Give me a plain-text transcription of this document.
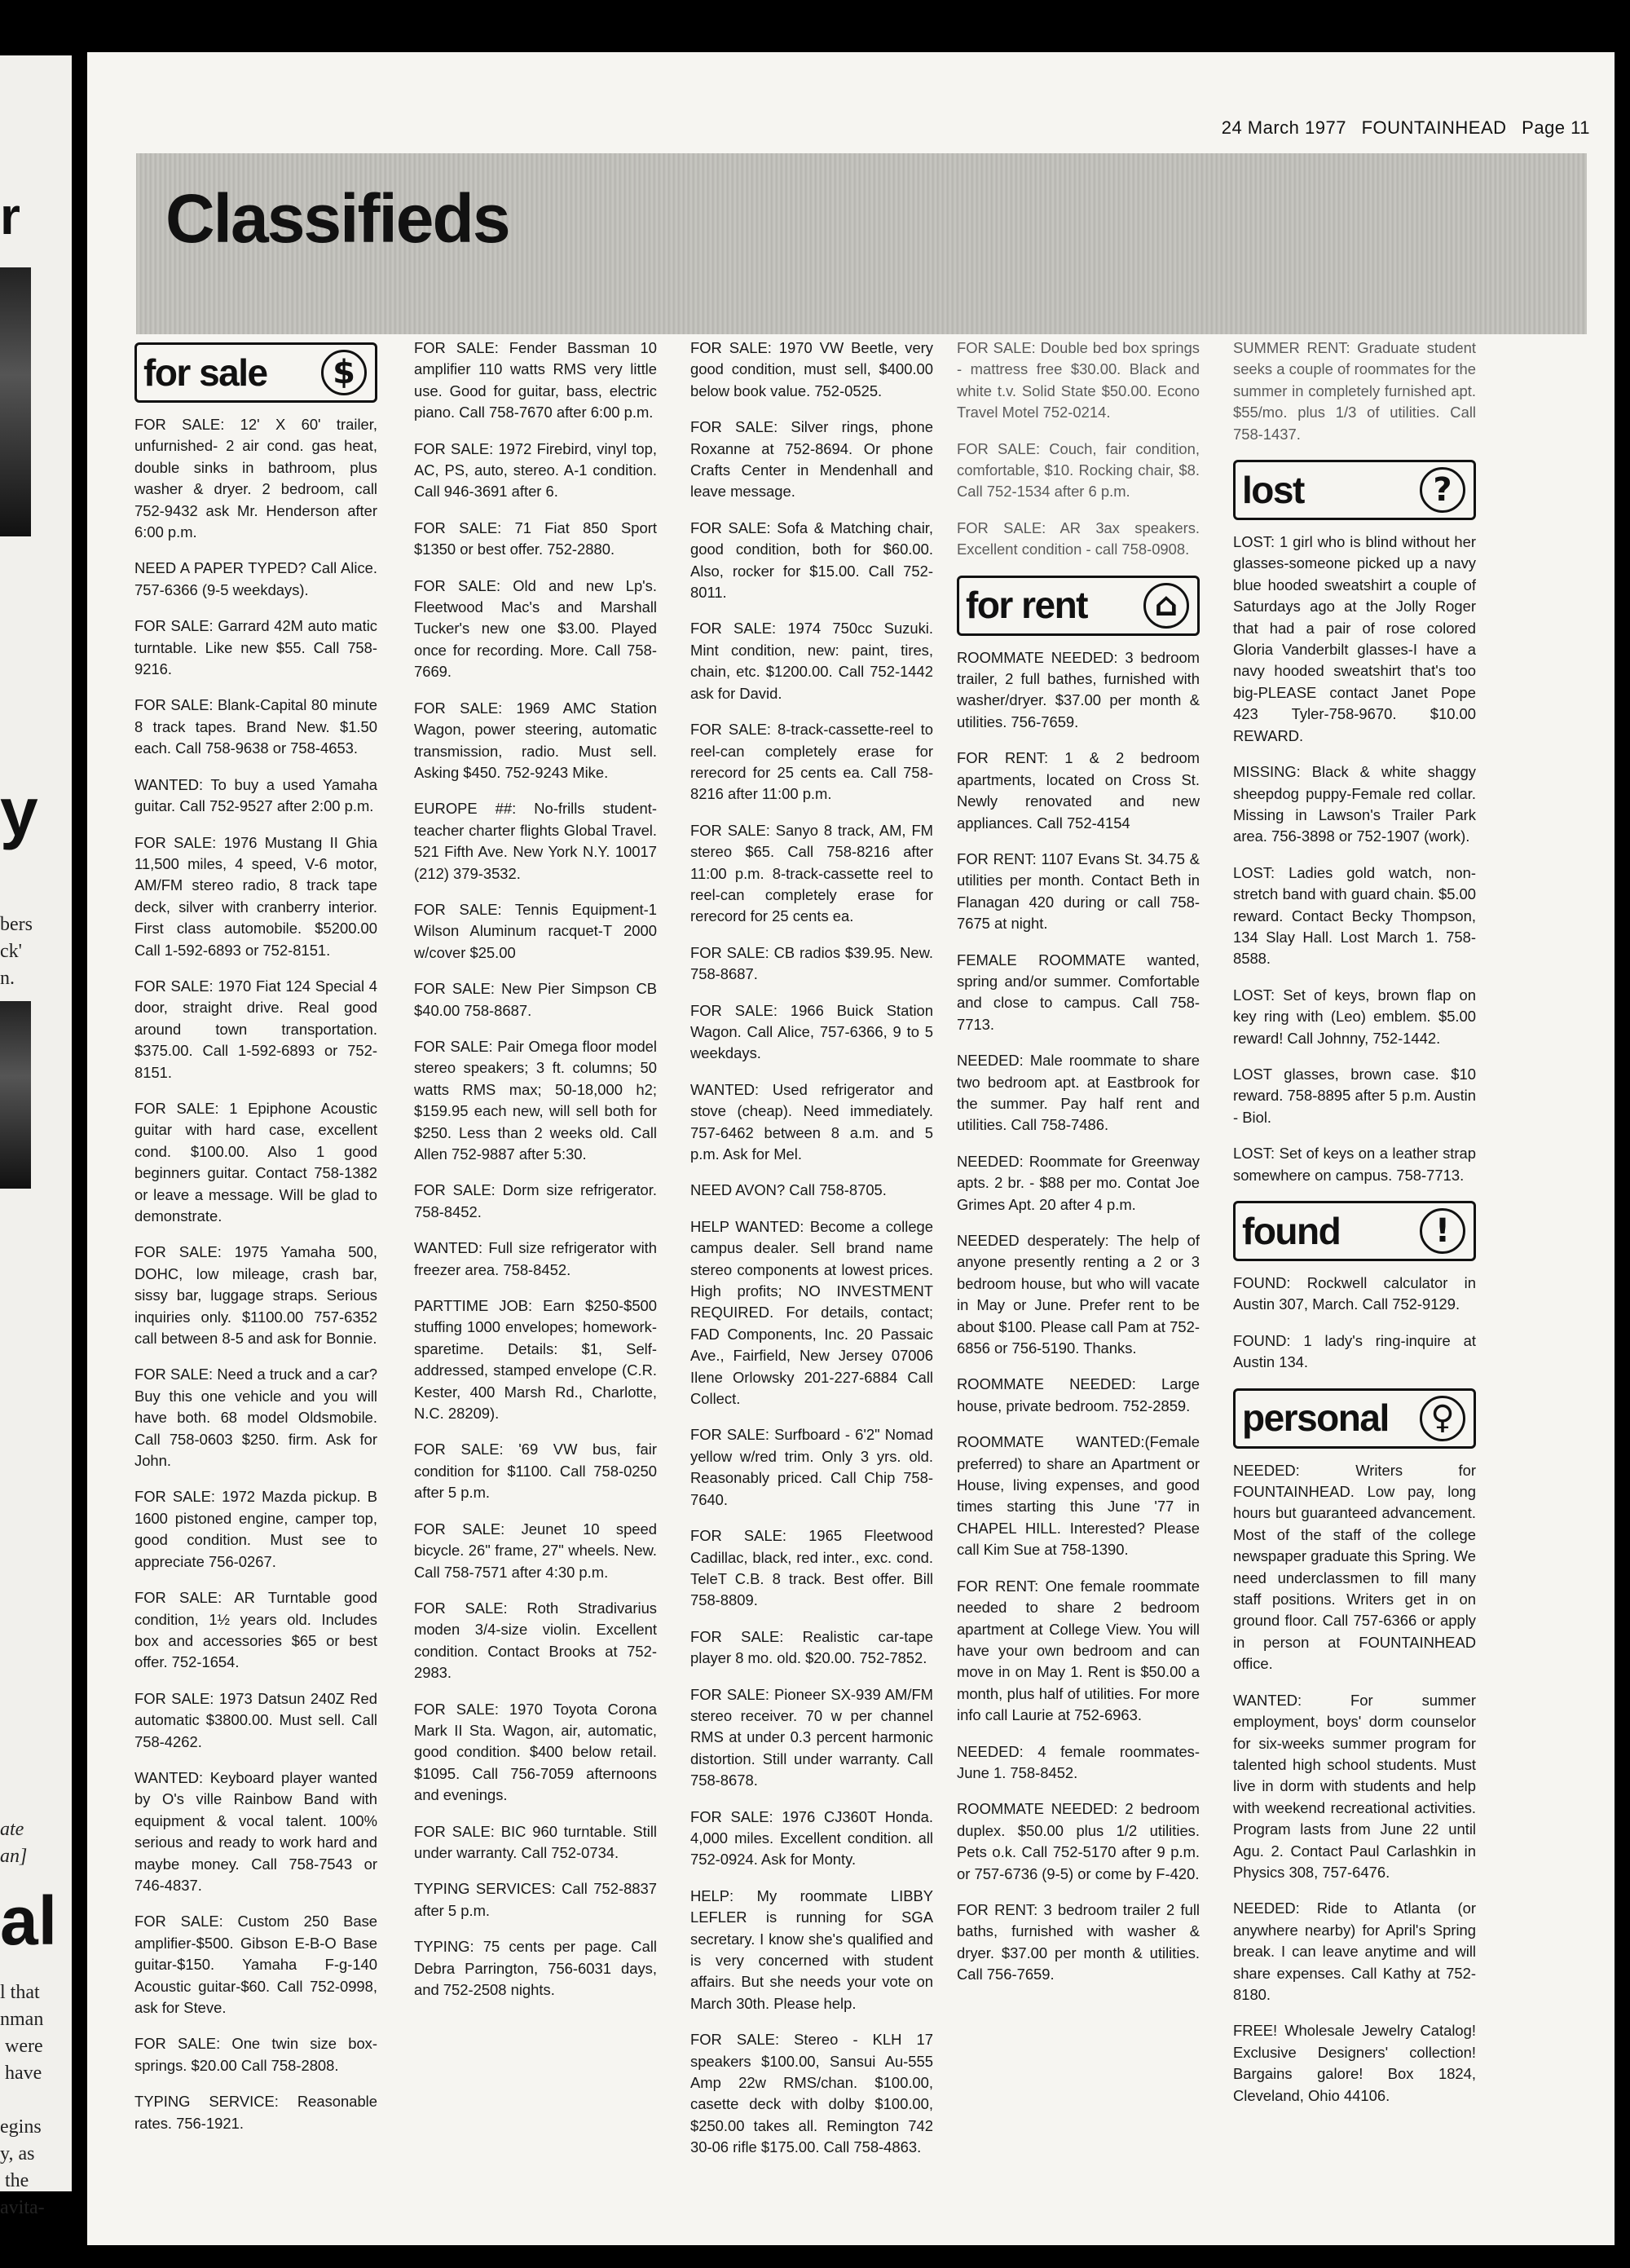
r
y
bers
ck'
n.
ate
an]
al
l that
nman
were
have

egins
y, as
the
avita-
24 March 1977 FOUNTAINHEAD Page 11
Classifieds
for sale	$

FOR SALE: 12' X 60' trailer, unfurnished- 2 air cond. gas heat, double sinks in bathroom, plus washer & dryer. 2 bedroom, call 752-9432 ask Mr. Henderson after 6:00 p.m.

NEED A PAPER TYPED? Call Alice. 757-6366 (9-5 weekdays).

FOR SALE: Garrard 42M auto matic turntable. Like new $55. Call 758-9216.

FOR SALE: Blank-Capital 80 minute 8 track tapes. Brand New. $1.50 each. Call 758-9638 or 758-4653.

WANTED: To buy a used Yamaha guitar. Call 752-9527 after 2:00 p.m.

FOR SALE: 1976 Mustang II Ghia 11,500 miles, 4 speed, V-6 motor, AM/FM stereo radio, 8 track tape deck, silver with cranberry interior. First class automobile. $5200.00 Call 1-592-6893 or 752-8151.

FOR SALE: 1970 Fiat 124 Special 4 door, straight drive. Real good around town transportation. $375.00. Call 1-592-6893 or 752-8151.

FOR SALE: 1 Epiphone Acoustic guitar with hard case, excellent cond. $100.00. Also 1 good beginners guitar. Contact 758-1382 or leave a message. Will be glad to demonstrate.

FOR SALE: 1975 Yamaha 500, DOHC, low mileage, crash bar, sissy bar, luggage straps. Serious inquiries only. $1100.00 757-6352 call between 8-5 and ask for Bonnie.

FOR SALE: Need a truck and a car? Buy this one vehicle and you will have both. 68 model Oldsmobile. Call 758-0603 $250. firm. Ask for John.

FOR SALE: 1972 Mazda pickup. B 1600 pistoned engine, camper top, good condition. Must see to appreciate 756-0267.

FOR SALE: AR Turntable good condition, 1½ years old. Includes box and accessories $65 or best offer. 752-1654.

FOR SALE: 1973 Datsun 240Z Red automatic $3800.00. Must sell. Call 758-4262.

WANTED: Keyboard player wanted by O's ville Rainbow Band with equipment & vocal talent. 100% serious and ready to work hard and maybe money. Call 758-7543 or 746-4837.

FOR SALE: Custom 250 Base amplifier-$500. Gibson E-B-O Base guitar-$150. Yamaha F-g-140 Acoustic guitar-$60. Call 752-0998, ask for Steve.

FOR SALE: One twin size box-springs. $20.00 Call 758-2808.

TYPING SERVICE: Reasonable rates. 756-1921.

FOR SALE: Fender Bassman 10 amplifier 110 watts RMS very little use. Good for guitar, bass, electric piano. Call 758-7670 after 6:00 p.m.

FOR SALE: 1972 Firebird, vinyl top, AC, PS, auto, stereo. A-1 condition. Call 946-3691 after 6.

FOR SALE: 71 Fiat 850 Sport $1350 or best offer. 752-2880.

FOR SALE: Old and new Lp's. Fleetwood Mac's and Marshall Tucker's new one $3.00. Played once for recording. More. Call 758-7669.

FOR SALE: 1969 AMC Station Wagon, power steering, automatic transmission, radio. Must sell. Asking $450. 752-9243 Mike.

EUROPE ##: No-frills student-teacher charter flights Global Travel. 521 Fifth Ave. New York N.Y. 10017 (212) 379-3532.

FOR SALE: Tennis Equipment-1 Wilson Aluminum racquet-T 2000 w/cover $25.00

FOR SALE: New Pier Simpson CB $40.00 758-8687.

FOR SALE: Pair Omega floor model stereo speakers; 3 ft. columns; 50 watts RMS max; 50-18,000 h2; $159.95 each new, will sell both for $250. Less than 2 weeks old. Call Allen 752-9887 after 5:30.

FOR SALE: Dorm size refrigerator. 758-8452.

WANTED: Full size refrigerator with freezer area. 758-8452.

PARTTIME JOB: Earn $250-$500 stuffing 1000 envelopes; homework-sparetime. Details: $1, Self-addressed, stamped envelope (C.R. Kester, 400 Marsh Rd., Charlotte, N.C. 28209).

FOR SALE: '69 VW bus, fair condition for $1100. Call 758-0250 after 5 p.m.

FOR SALE: Jeunet 10 speed bicycle. 26" frame, 27" wheels. New. Call 758-7571 after 4:30 p.m.

FOR SALE: Roth Stradivarius moden 3/4-size violin. Excellent condition. Contact Brooks at 752-2983.

FOR SALE: 1970 Toyota Corona Mark II Sta. Wagon, air, automatic, good condition. $400 below retail. $1095. Call 756-7059 afternoons and evenings.

FOR SALE: BIC 960 turntable. Still under warranty. Call 752-0734.

TYPING SERVICES: Call 752-8837 after 5 p.m.

TYPING: 75 cents per page. Call Debra Parrington, 756-6031 days, and 752-2508 nights.

FOR SALE: 1970 VW Beetle, very good condition, must sell, $400.00 below book value. 752-0525.

FOR SALE: Silver rings, phone Roxanne at 752-8694. Or phone Crafts Center in Mendenhall and leave message.

FOR SALE: Sofa & Matching chair, good condition, both for $60.00. Also, rocker for $15.00. Call 752-8011.

FOR SALE: 1974 750cc Suzuki. Mint condition, new: paint, tires, chain, etc. $1200.00. Call 752-1442 ask for David.

FOR SALE: 8-track-cassette-reel to reel-can completely erase for rerecord for 25 cents ea. Call 758-8216 after 11:00 p.m.

FOR SALE: Sanyo 8 track, AM, FM stereo $65. Call 758-8216 after 11:00 p.m. 8-track-cassette reel to reel-can completely erase for rerecord for 25 cents ea.

FOR SALE: CB radios $39.95. New. 758-8687.

FOR SALE: 1966 Buick Station Wagon. Call Alice, 757-6366, 9 to 5 weekdays.

WANTED: Used refrigerator and stove (cheap). Need immediately. 757-6462 between 8 a.m. and 5 p.m. Ask for Mel.

NEED AVON? Call 758-8705.

HELP WANTED: Become a college campus dealer. Sell brand name stereo components at lowest prices. High profits; NO INVESTMENT REQUIRED. For details, contact; FAD Components, Inc. 20 Passaic Ave., Fairfield, New Jersey 07006 Ilene Orlowsky 201-227-6884 Call Collect.

FOR SALE: Surfboard - 6'2" Nomad yellow w/red trim. Only 3 yrs. old. Reasonably priced. Call Chip 758-7640.

FOR SALE: 1965 Fleetwood Cadillac, black, red inter., exc. cond. TeleT C.B. 8 track. Best offer. Bill 758-8809.

FOR SALE: Realistic car-tape player 8 mo. old. $20.00. 752-7852.

FOR SALE: Pioneer SX-939 AM/FM stereo receiver. 70 w per channel RMS at under 0.3 percent harmonic distortion. Still under warranty. Call 758-8678.

FOR SALE: 1976 CJ360T Honda. 4,000 miles. Excellent condition. all 752-0924. Ask for Monty.

HELP: My roommate LIBBY LEFLER is running for SGA secretary. I know she's qualified and is very concerned with student affairs. But she needs your vote on March 30th. Please help.

FOR SALE: Stereo - KLH 17 speakers $100.00, Sansui Au-555 Amp 22w RMS/chan. $100.00, casette deck with dolby $100.00, $250.00 takes all. Remington 742 30-06 rifle $175.00. Call 758-4863.

FOR SALE: Double bed box springs - mattress free $30.00. Black and white t.v. Solid State $50.00. Econo Travel Motel 752-0214.

FOR SALE: Couch, fair condition, comfortable, $10. Rocking chair, $8. Call 752-1534 after 6 p.m.

FOR SALE: AR 3ax speakers. Excellent condition - call 758-0908.

for rent	⌂

ROOMMATE NEEDED: 3 bedroom trailer, 2 full bathes, furnished with washer/dryer. $37.00 per month & utilities. 756-7659.

FOR RENT: 1 & 2 bedroom apartments, located on Cross St. Newly renovated and new appliances. Call 752-4154

FOR RENT: 1107 Evans St. 34.75 & utilities per month. Contact Beth in Flanagan 420 during or call 758-7675 at night.

FEMALE ROOMMATE wanted, spring and/or summer. Comfortable and close to campus. Call 758-7713.

NEEDED: Male roommate to share two bedroom apt. at Eastbrook for the summer. Pay half rent and utilities. Call 758-7486.

NEEDED: Roommate for Greenway apts. 2 br. - $88 per mo. Contat Joe Grimes Apt. 20 after 4 p.m.

NEEDED desperately: The help of anyone presently renting a 2 or 3 bedroom house, but who will vacate in May or June. Prefer rent to be about $100. Please call Pam at 752-6856 or 756-5190. Thanks.

ROOMMATE NEEDED: Large house, private bedroom. 752-2859.

ROOMMATE WANTED:(Female preferred) to share an Apartment or House, living expenses, and good times starting this June '77 in CHAPEL HILL. Interested? Please call Kim Sue at 758-1390.

FOR RENT: One female roommate needed to share 2 bedroom apartment at College View. You will have your own bedroom and can move in on May 1. Rent is $50.00 a month, plus half of utilities. For more info call Laurie at 752-6963.

NEEDED: 4 female roommates-June 1. 758-8452.

ROOMMATE NEEDED: 2 bedroom duplex. $50.00 plus 1/2 utilities. Pets o.k. Call 752-5170 after 9 p.m. or 757-6736 (9-5) or come by F-420.

FOR RENT: 3 bedroom trailer 2 full baths, furnished with washer & dryer. $37.00 per month & utilities. Call 756-7659.

SUMMER RENT: Graduate student seeks a couple of roommates for the summer in completely furnished apt. $55/mo. plus 1/3 of utilities. Call 758-1437.

lost	?

LOST: 1 girl who is blind without her glasses-someone picked up a navy blue hooded sweatshirt a couple of Saturdays ago at the Jolly Roger that had a pair of rose colored Gloria Vanderbilt glasses-I have a navy hooded sweatshirt that's too big-PLEASE contact Janet Pope 423 Tyler-758-9670. $10.00 REWARD.

MISSING: Black & white shaggy sheepdog puppy-Female red collar. Missing in Lawson's Trailer Park area. 756-3898 or 752-1907 (work).

LOST: Ladies gold watch, non-stretch band with guard chain. $5.00 reward. Contact Becky Thompson, 134 Slay Hall. Lost March 1. 758-8588.

LOST: Set of keys, brown flap on key ring with (Leo) emblem. $5.00 reward! Call Johnny, 752-1442.

LOST glasses, brown case. $10 reward. 758-8895 after 5 p.m. Austin - Biol.

LOST: Set of keys on a leather strap somewhere on campus. 758-7713.

found	!

FOUND: Rockwell calculator in Austin 307, March. Call 752-9129.

FOUND: 1 lady's ring-inquire at Austin 134.

personal	♀

NEEDED: Writers for FOUNTAINHEAD. Low pay, long hours but guaranteed advancement. Most of the staff of the college newspaper graduate this Spring. We need underclassmen to fill many staff positions. Writers get in on ground floor. Call 757-6366 or apply in person at FOUNTAINHEAD office.

WANTED: For summer employment, boys' dorm counselor for six-weeks summer program for talented high school students. Must live in dorm with students and help with weekend recreational activities. Program lasts from June 22 until Agu. 2. Contact Paul Carlashkin in Physics 308, 757-6476.

NEEDED: Ride to Atlanta (or anywhere nearby) for April's Spring break. I can leave anytime and will share expenses. Call Kathy at 752-8180.

FREE! Wholesale Jewelry Catalog! Exclusive Designers' collection! Bargains galore! Box 1824, Cleveland, Ohio 44106.
